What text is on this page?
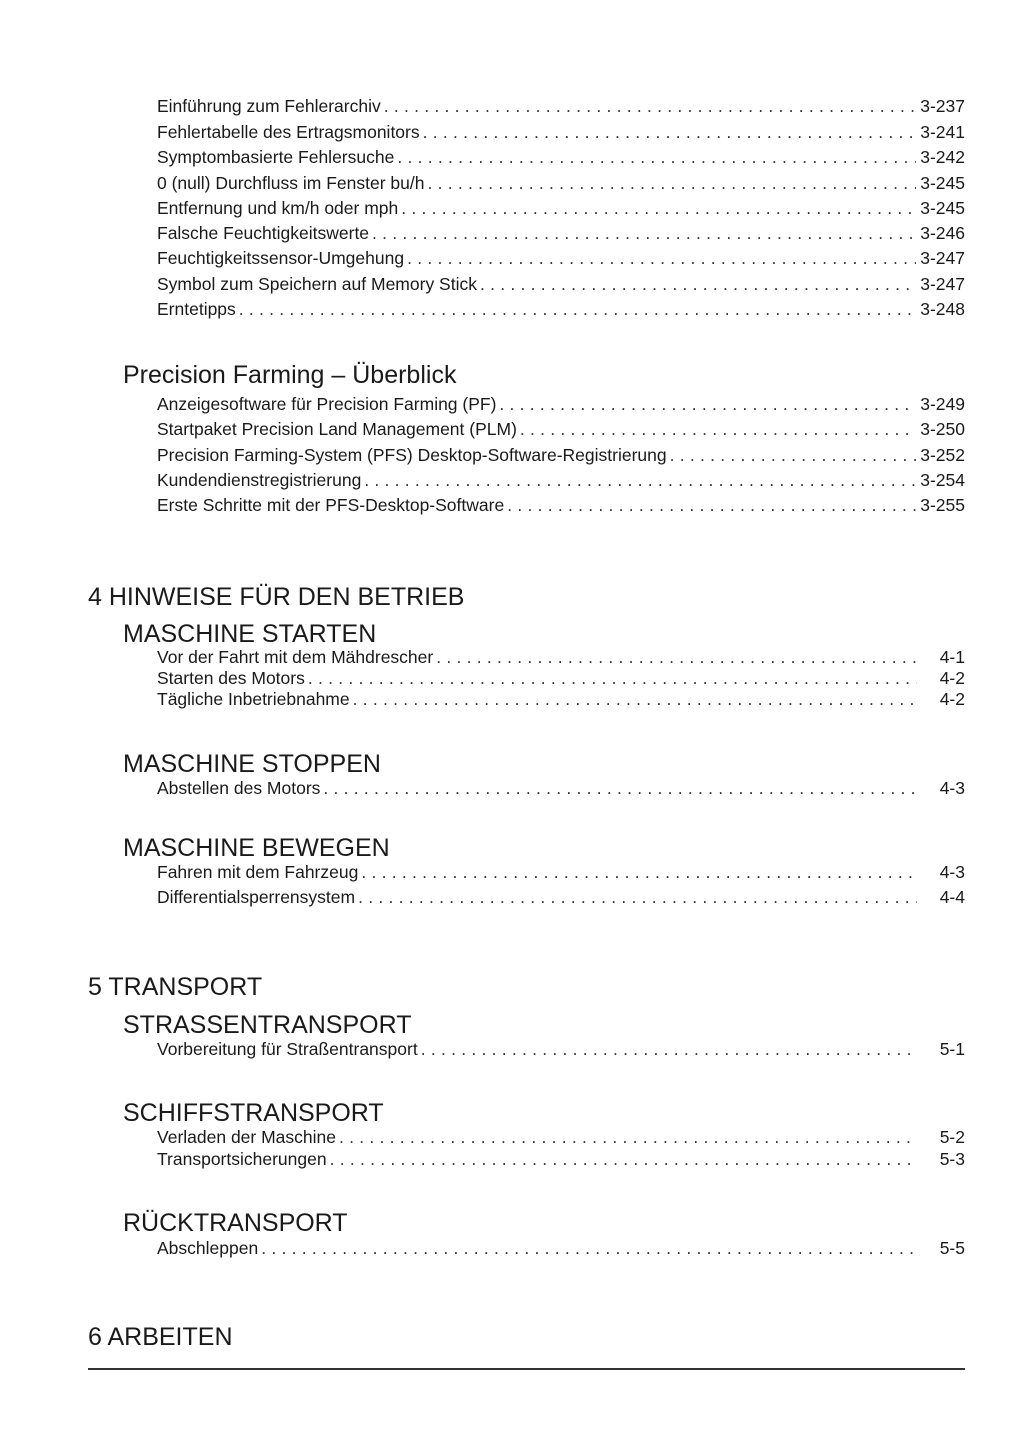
Einführung zum Fehlerarchiv . . .	3-237
Fehlertabelle des Ertragsmonitors . . .	3-241
Symptombasierte Fehlersuche . . .	3-242
0 (null) Durchfluss im Fenster bu/h . . .	3-245
Entfernung und km/h oder mph . . .	3-245
Falsche Feuchtigkeitswerte . . .	3-246
Feuchtigkeitssensor-Umgehung . . .	3-247
Symbol zum Speichern auf Memory Stick . . .	3-247
Erntetipps . . .	3-248
Precision Farming – Überblick
Anzeigesoftware für Precision Farming (PF) . . .	3-249
Startpaket Precision Land Management (PLM) . . .	3-250
Precision Farming-System (PFS) Desktop-Software-Registrierung . . .	3-252
Kundendienstregistrierung . . .	3-254
Erste Schritte mit der PFS-Desktop-Software . . .	3-255
4 HINWEISE FÜR DEN BETRIEB
MASCHINE STARTEN
Vor der Fahrt mit dem Mähdrescher . . .	4-1
Starten des Motors . . .	4-2
Tägliche Inbetriebnahme . . .	4-2
MASCHINE STOPPEN
Abstellen des Motors . . .	4-3
MASCHINE BEWEGEN
Fahren mit dem Fahrzeug . . .	4-3
Differentialsperrensystem . . .	4-4
5 TRANSPORT
STRASSENTRANSPORT
Vorbereitung für Straßentransport . . .	5-1
SCHIFFSTRANSPORT
Verladen der Maschine . . .	5-2
Transportsicherungen . . .	5-3
RÜCKTRANSPORT
Abschleppen . . .	5-5
6 ARBEITEN
